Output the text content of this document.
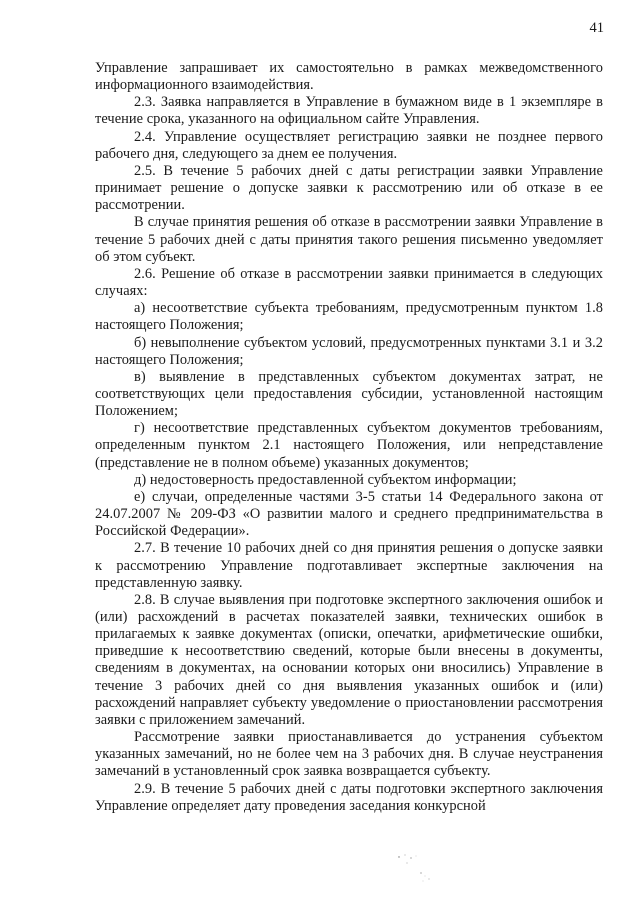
41

Управление запрашивает их самостоятельно в рамках межведомственного информационного взаимодействия.

2.3. Заявка направляется в Управление в бумажном виде в 1 экземпляре в течение срока, указанного на официальном сайте Управления.

2.4. Управление осуществляет регистрацию заявки не позднее первого рабочего дня, следующего за днем ее получения.

2.5. В течение 5 рабочих дней с даты регистрации заявки Управление принимает решение о допуске заявки к рассмотрению или об отказе в ее рассмотрении.

В случае принятия решения об отказе в рассмотрении заявки Управление в течение 5 рабочих дней с даты принятия такого решения письменно уведомляет об этом субъект.

2.6. Решение об отказе в рассмотрении заявки принимается в следующих случаях:

а) несоответствие субъекта требованиям, предусмотренным пунктом 1.8 настоящего Положения;

б) невыполнение субъектом условий, предусмотренных пунктами 3.1 и 3.2 настоящего Положения;

в) выявление в представленных субъектом документах затрат, не соответствующих цели предоставления субсидии, установленной настоящим Положением;

г) несоответствие представленных субъектом документов требованиям, определенным пунктом 2.1 настоящего Положения, или непредставление (представление не в полном объеме) указанных документов;

д) недостоверность предоставленной субъектом информации;

е) случаи, определенные частями 3-5 статьи 14 Федерального закона от 24.07.2007 № 209-ФЗ «О развитии малого и среднего предпринимательства в Российской Федерации».

2.7. В течение 10 рабочих дней со дня принятия решения о допуске заявки к рассмотрению Управление подготавливает экспертные заключения на представленную заявку.

2.8. В случае выявления при подготовке экспертного заключения ошибок и (или) расхождений в расчетах показателей заявки, технических ошибок в прилагаемых к заявке документах (описки, опечатки, арифметические ошибки, приведшие к несоответствию сведений, которые были внесены в документы, сведениям в документах, на основании которых они вносились) Управление в течение 3 рабочих дней со дня выявления указанных ошибок и (или) расхождений направляет субъекту уведомление о приостановлении рассмотрения заявки с приложением замечаний.

Рассмотрение заявки приостанавливается до устранения субъектом указанных замечаний, но не более чем на 3 рабочих дня. В случае неустранения замечаний в установленный срок заявка возвращается субъекту.

2.9. В течение 5 рабочих дней с даты подготовки экспертного заключения Управление определяет дату проведения заседания конкурсной
